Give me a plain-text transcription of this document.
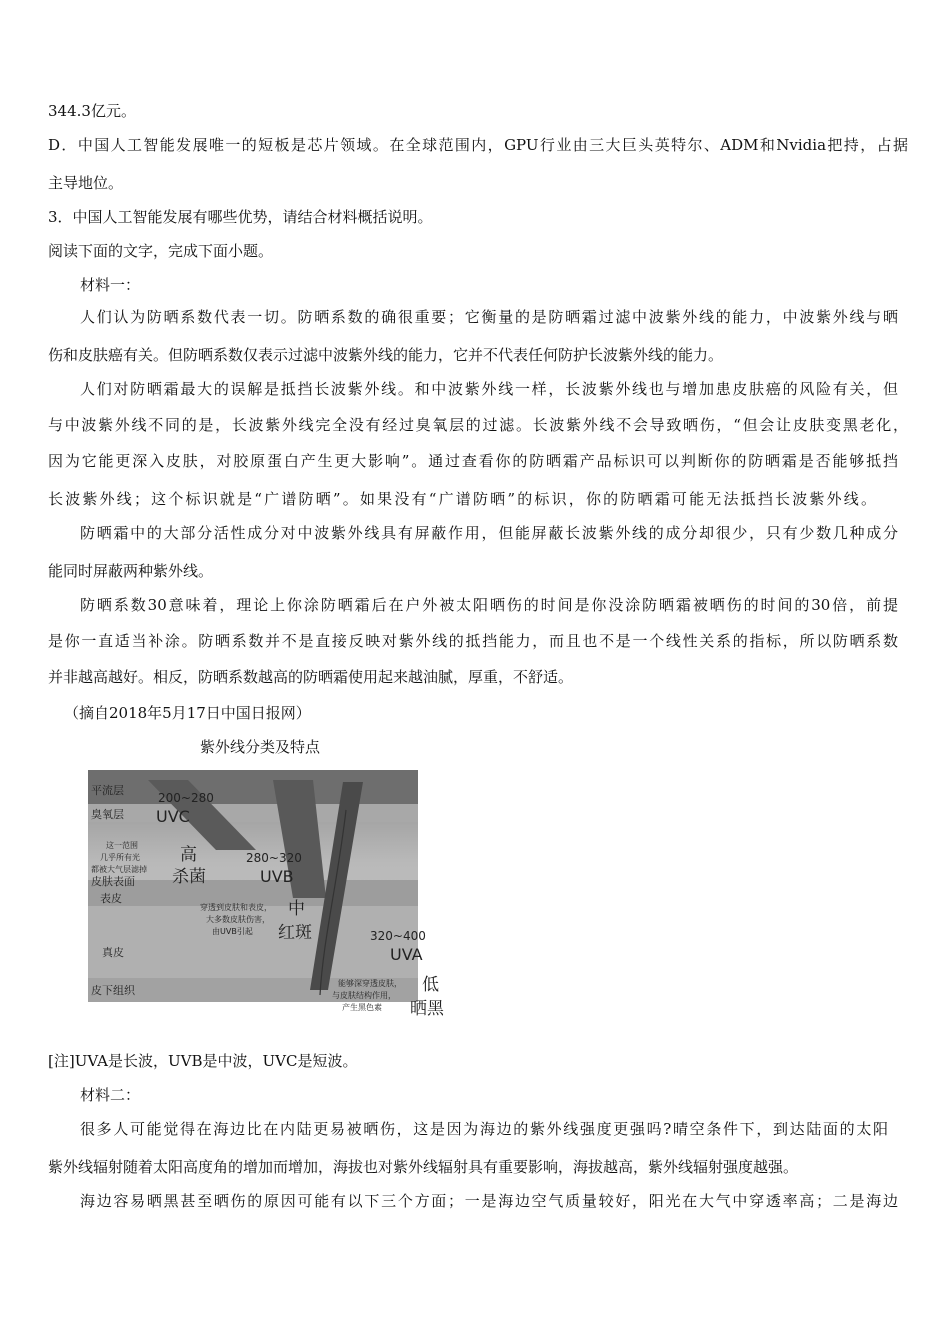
344.3亿元。
D．中国人工智能发展唯一的短板是芯片领域。在全球范围内，GPU行业由三大巨头英特尔、ADM和Nvidia把持，占据
主导地位。
3．中国人工智能发展有哪些优势，请结合材料概括说明。
阅读下面的文字，完成下面小题。
材料一：
人们认为防晒系数代表一切。防晒系数的确很重要；它衡量的是防晒霜过滤中波紫外线的能力，中波紫外线与晒
伤和皮肤癌有关。但防晒系数仅表示过滤中波紫外线的能力，它并不代表任何防护长波紫外线的能力。
人们对防晒霜最大的误解是抵挡长波紫外线。和中波紫外线一样，长波紫外线也与增加患皮肤癌的风险有关，但
与中波紫外线不同的是，长波紫外线完全没有经过臭氧层的过滤。长波紫外线不会导致晒伤，“但会让皮肤变黑老化，
因为它能更深入皮肤，对胶原蛋白产生更大影响”。通过查看你的防晒霜产品标识可以判断你的防晒霜是否能够抵挡
长波紫外线；这个标识就是“广谱防晒”。如果没有“广谱防晒”的标识，你的防晒霜可能无法抵挡长波紫外线。
防晒霜中的大部分活性成分对中波紫外线具有屏蔽作用，但能屏蔽长波紫外线的成分却很少，只有少数几种成分
能同时屏蔽两种紫外线。
防晒系数30意味着，理论上你涂防晒霜后在户外被太阳晒伤的时间是你没涂防晒霜被晒伤的时间的30倍，前提
是你一直适当补涂。防晒系数并不是直接反映对紫外线的抵挡能力，而且也不是一个线性关系的指标，所以防晒系数
并非越高越好。相反，防晒系数越高的防晒霜使用起来越油腻，厚重，不舒适。
（摘自2018年5月17日中国日报网）
紫外线分类及特点
平流层
臭氧层
皮肤表面
表皮
真皮
皮下组织
200~280
UVC
这一范围
几乎所有光
都被大气层滤掉
高
杀菌
280~320
UVB
穿透到皮肤和表皮，
大多数皮肤伤害，
由UVB引起
中
红斑	320~400
UVA
能够深穿透皮肤，
与皮肤结构作用，
产生黑色素
低
晒黑
[注]UVA是长波，UVB是中波，UVC是短波。
材料二：
很多人可能觉得在海边比在内陆更易被晒伤，这是因为海边的紫外线强度更强吗?晴空条件下，到达陆面的太阳
紫外线辐射随着太阳高度角的增加而增加，海拔也对紫外线辐射具有重要影响，海拔越高，紫外线辐射强度越强。
海边容易晒黑甚至晒伤的原因可能有以下三个方面；一是海边空气质量较好，阳光在大气中穿透率高；二是海边
